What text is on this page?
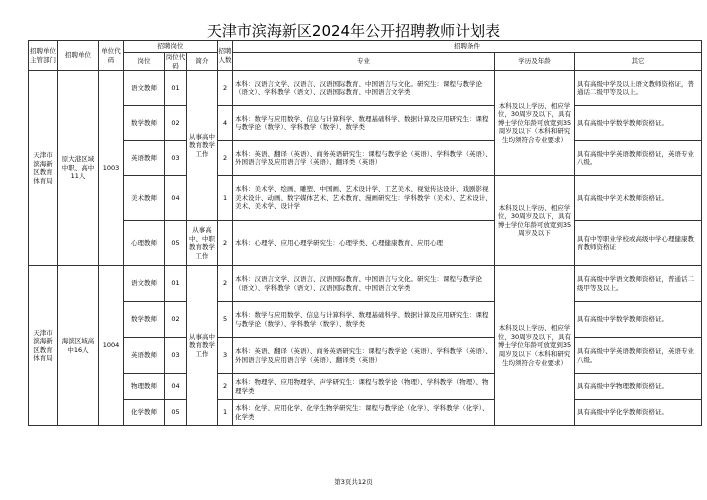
天津市滨海新区2024年公开招聘教师计划表
招聘单位主管部门	招聘单位	单位代码	招聘岗位			招聘人数	招聘条件		
			岗位	岗位代码	简介		专业	学历及年龄	其它
天津市滨海新区教育体育局	原大港区域中职、高中11人	1003	语文教师	01	从事高中教育教学工作	2	本科：汉语言文学、汉语言、汉语国际教育、中国语言与文化。研究生：课程与教学论（语文）、学科教学（语文）、汉语国际教育、中国语言文学类	本科及以上学历、相应学位，30周岁及以下，具有博士学位年龄可放宽到35周岁及以下（本科和研究生均须符合专业要求）	具有高级中学及以上语文教师资格证，普通话二级甲等及以上。
			数学教师	02		4	本科：数学与应用数学、信息与计算科学、数理基础科学、数据计算及应用研究生：课程与教学论（数学）、学科教学（数学）、数学类		具有高级中学数学教师资格证。
			英语教师	03		2	本科：英语、翻译（英语）、商务英语研究生：课程与教学论（英语）、学科教学（英语）、外国语言学及应用语言学（英语）、翻译类（英语）		具有高级中学英语教师资格证，英语专业八级。
			美术教师	04		1	本科：美术学、绘画、雕塑、中国画、艺术设计学、工艺美术、视觉传达设计、戏剧影视美术设计、动画、数字媒体艺术、艺术教育、漫画研究生：学科教学（美术）、艺术设计、美术、美术学、设计学	本科及以上学历、相应学位，30周岁及以下，具有博士学位年龄可放宽到35周岁及以下	具有高级中学美术教师资格证。
			心理教师	05	从事高中、中职教育教学工作	2	本科：心理学、应用心理学研究生：心理学类、心理健康教育、应用心理		具有中等职业学校或高级中学心理健康教育教师资格证
天津市滨海新区教育体育局	海滨区域高中16人	1004	语文教师	01	从事高中教育教学工作	2	本科：汉语言文学、汉语言、汉语国际教育、中国语言与文化。研究生：课程与教学论（语文）、学科教学（语文）、汉语国际教育、中国语言文学类	本科及以上学历、相应学位，30周岁及以下，具有博士学位年龄可放宽到35周岁及以下（本科和研究生均须符合专业要求）	具有高级中学语文教师资格证，普通话二级甲等及以上。
			数学教师	02		5	本科：数学与应用数学、信息与计算科学、数理基础科学、数据计算及应用研究生：课程与教学论（数学）、学科教学（数学）、数学类		具有高级中学数学教师资格证。
			英语教师	03		3	本科：英语、翻译（英语）、商务英语研究生：课程与教学论（英语）、学科教学（英语）、外国语言学及应用语言学（英语）、翻译类（英语）		具有高级中学英语教师资格证，英语专业八级。
			物理教师	04		2	本科：物理学、应用物理学、声学研究生：课程与教学论（物理）、学科教学（物理）、物理学类		具有高级中学物理教师资格证。
			化学教师	05		1	本科：化学、应用化学、化学生物学研究生：课程与教学论（化学）、学科教学（化学）、化学类		具有高级中学化学教师资格证。
第3页共12页
